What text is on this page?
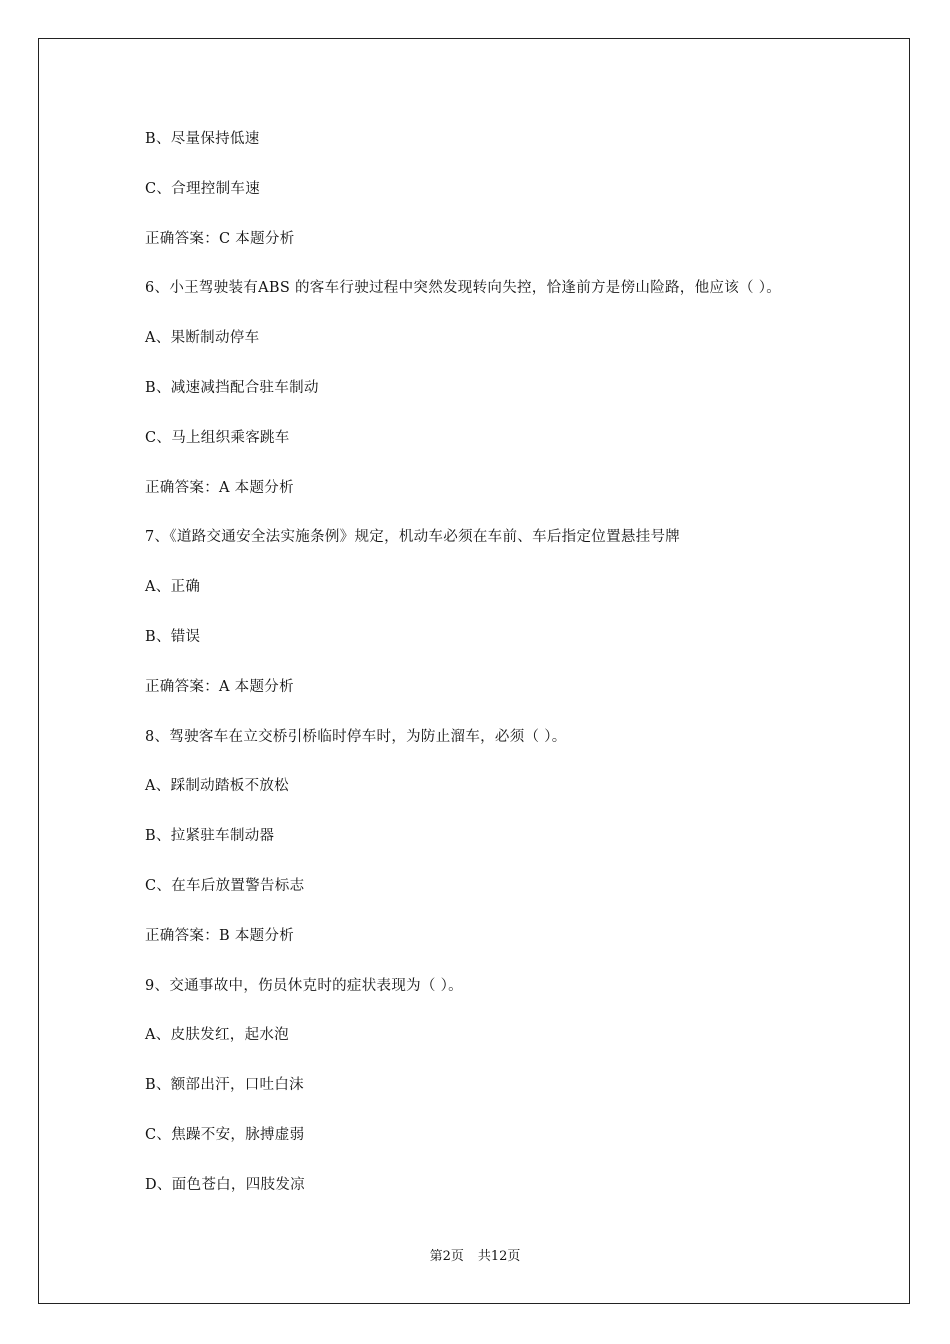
B、尽量保持低速
C、合理控制车速
正确答案：C 本题分析
6、小王驾驶装有ABS 的客车行驶过程中突然发现转向失控，恰逢前方是傍山险路，他应该（ ）。
A、果断制动停车
B、减速减挡配合驻车制动
C、马上组织乘客跳车
正确答案：A 本题分析
7、《道路交通安全法实施条例》规定，机动车必须在车前、车后指定位置悬挂号牌
A、正确
B、错误
正确答案：A 本题分析
8、驾驶客车在立交桥引桥临时停车时，为防止溜车，必须（ ）。
A、踩制动踏板不放松
B、拉紧驻车制动器
C、在车后放置警告标志
正确答案：B 本题分析
9、交通事故中，伤员休克时的症状表现为（ ）。
A、皮肤发红，起水泡
B、额部出汗，口吐白沫
C、焦躁不安，脉搏虚弱
D、面色苍白，四肢发凉
第2页 共12页
